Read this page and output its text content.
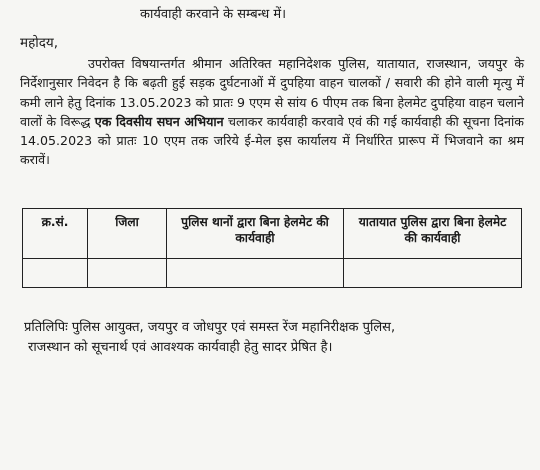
कार्यवाही करवाने के सम्बन्ध में।
महोदय,
उपरोक्त विषयान्तर्गत श्रीमान अतिरिक्त महानिदेशक पुलिस, यातायात, राजस्थान, जयपुर के निर्देशानुसार निवेदन है कि बढ़ती हुई सड़क दुर्घटनाओं में दुपहिया वाहन चालकों / सवारी की होने वाली मृत्यु में कमी लाने हेतु दिनांक 13.05.2023 को प्रातः 9 एएम से सांय 6 पीएम तक बिना हेलमेट दुपहिया वाहन चलाने वालों के विरूद्ध एक दिवसीय सघन अभियान चलाकर कार्यवाही करवावे एवं की गई कार्यवाही की सूचना दिनांक 14.05.2023 को प्रातः 10 एएम तक जरिये ई-मेल इस कार्यालय में निर्धारित प्रारूप में भिजवाने का श्रम करावें।
क्र.सं.	जिला	पुलिस थानों द्वारा बिना हेलमेट की कार्यवाही	यातायात पुलिस द्वारा बिना हेलमेट की कार्यवाही

प्रतिलिपिः पुलिस आयुक्त, जयपुर व जोधपुर एवं समस्त रेंज महानिरीक्षक पुलिस,
राजस्थान को सूचनार्थ एवं आवश्यक कार्यवाही हेतु सादर प्रेषित है।
